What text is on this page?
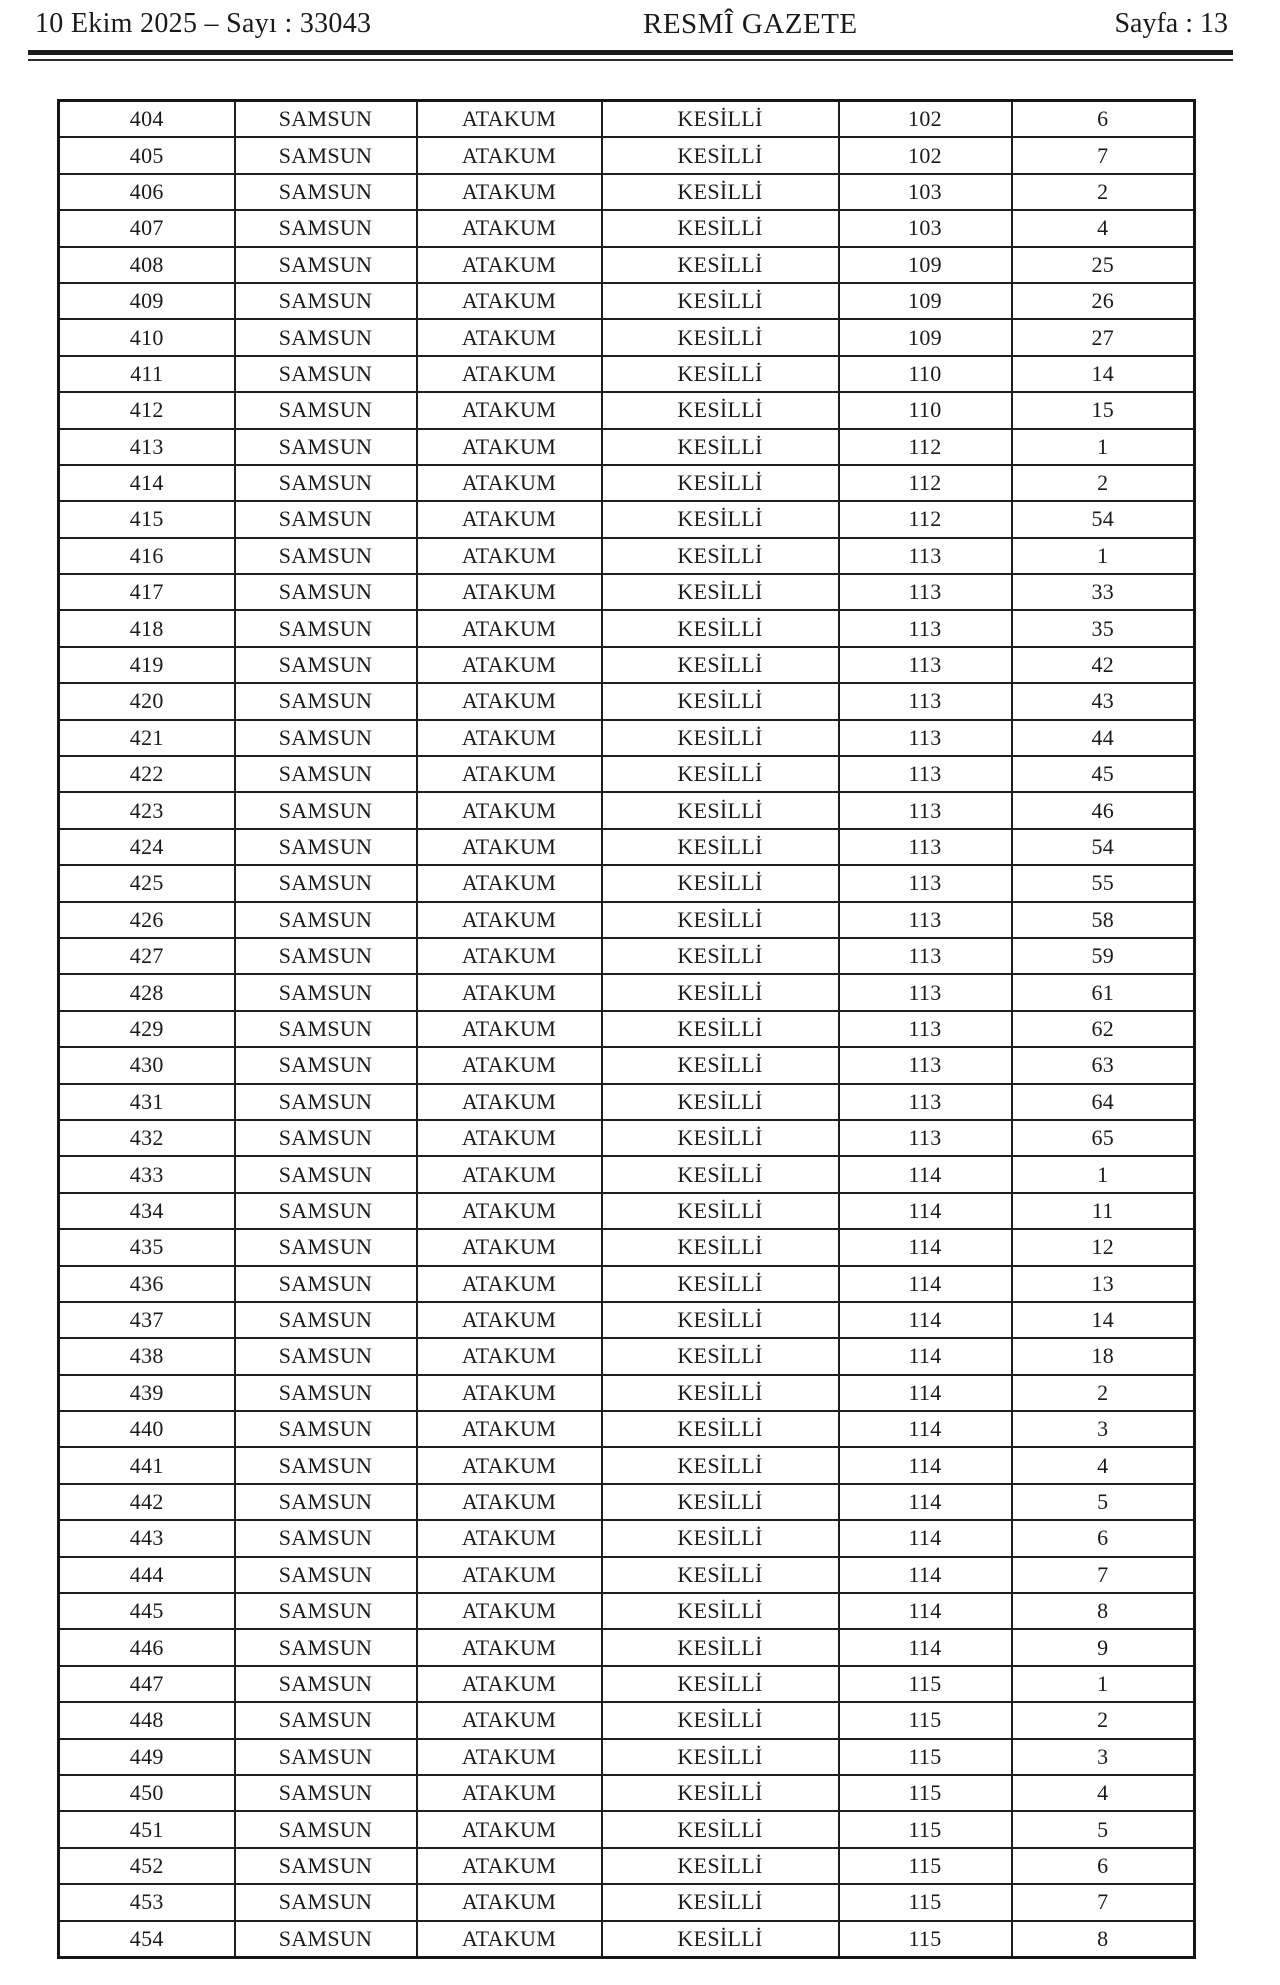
10 Ekim 2025 – Sayı : 33043	RESMÎ GAZETE	Sayfa : 13
404	SAMSUN	ATAKUM	KESİLLİ	102	6
405	SAMSUN	ATAKUM	KESİLLİ	102	7
406	SAMSUN	ATAKUM	KESİLLİ	103	2
407	SAMSUN	ATAKUM	KESİLLİ	103	4
408	SAMSUN	ATAKUM	KESİLLİ	109	25
409	SAMSUN	ATAKUM	KESİLLİ	109	26
410	SAMSUN	ATAKUM	KESİLLİ	109	27
411	SAMSUN	ATAKUM	KESİLLİ	110	14
412	SAMSUN	ATAKUM	KESİLLİ	110	15
413	SAMSUN	ATAKUM	KESİLLİ	112	1
414	SAMSUN	ATAKUM	KESİLLİ	112	2
415	SAMSUN	ATAKUM	KESİLLİ	112	54
416	SAMSUN	ATAKUM	KESİLLİ	113	1
417	SAMSUN	ATAKUM	KESİLLİ	113	33
418	SAMSUN	ATAKUM	KESİLLİ	113	35
419	SAMSUN	ATAKUM	KESİLLİ	113	42
420	SAMSUN	ATAKUM	KESİLLİ	113	43
421	SAMSUN	ATAKUM	KESİLLİ	113	44
422	SAMSUN	ATAKUM	KESİLLİ	113	45
423	SAMSUN	ATAKUM	KESİLLİ	113	46
424	SAMSUN	ATAKUM	KESİLLİ	113	54
425	SAMSUN	ATAKUM	KESİLLİ	113	55
426	SAMSUN	ATAKUM	KESİLLİ	113	58
427	SAMSUN	ATAKUM	KESİLLİ	113	59
428	SAMSUN	ATAKUM	KESİLLİ	113	61
429	SAMSUN	ATAKUM	KESİLLİ	113	62
430	SAMSUN	ATAKUM	KESİLLİ	113	63
431	SAMSUN	ATAKUM	KESİLLİ	113	64
432	SAMSUN	ATAKUM	KESİLLİ	113	65
433	SAMSUN	ATAKUM	KESİLLİ	114	1
434	SAMSUN	ATAKUM	KESİLLİ	114	11
435	SAMSUN	ATAKUM	KESİLLİ	114	12
436	SAMSUN	ATAKUM	KESİLLİ	114	13
437	SAMSUN	ATAKUM	KESİLLİ	114	14
438	SAMSUN	ATAKUM	KESİLLİ	114	18
439	SAMSUN	ATAKUM	KESİLLİ	114	2
440	SAMSUN	ATAKUM	KESİLLİ	114	3
441	SAMSUN	ATAKUM	KESİLLİ	114	4
442	SAMSUN	ATAKUM	KESİLLİ	114	5
443	SAMSUN	ATAKUM	KESİLLİ	114	6
444	SAMSUN	ATAKUM	KESİLLİ	114	7
445	SAMSUN	ATAKUM	KESİLLİ	114	8
446	SAMSUN	ATAKUM	KESİLLİ	114	9
447	SAMSUN	ATAKUM	KESİLLİ	115	1
448	SAMSUN	ATAKUM	KESİLLİ	115	2
449	SAMSUN	ATAKUM	KESİLLİ	115	3
450	SAMSUN	ATAKUM	KESİLLİ	115	4
451	SAMSUN	ATAKUM	KESİLLİ	115	5
452	SAMSUN	ATAKUM	KESİLLİ	115	6
453	SAMSUN	ATAKUM	KESİLLİ	115	7
454	SAMSUN	ATAKUM	KESİLLİ	115	8
